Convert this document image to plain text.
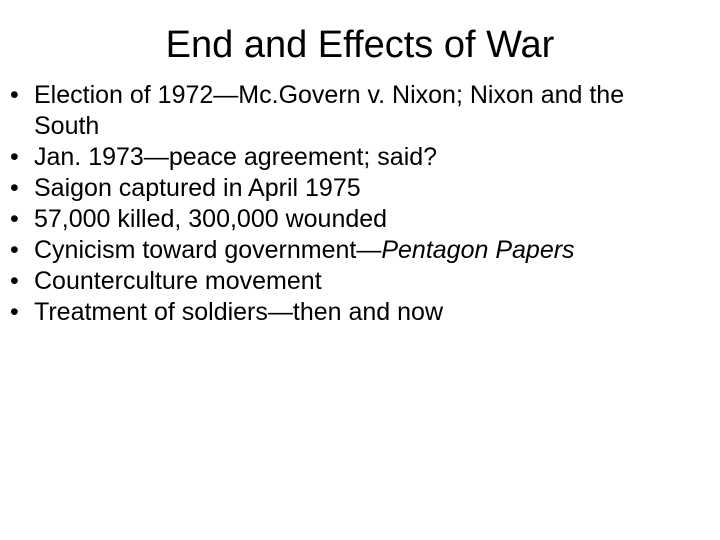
End and Effects of War
• Election of 1972—Mc.Govern v. Nixon; Nixon and the South
• Jan. 1973—peace agreement; said?
• Saigon captured in April 1975
• 57,000 killed, 300,000 wounded
• Cynicism toward government—Pentagon Papers
• Counterculture movement
• Treatment of soldiers—then and now
